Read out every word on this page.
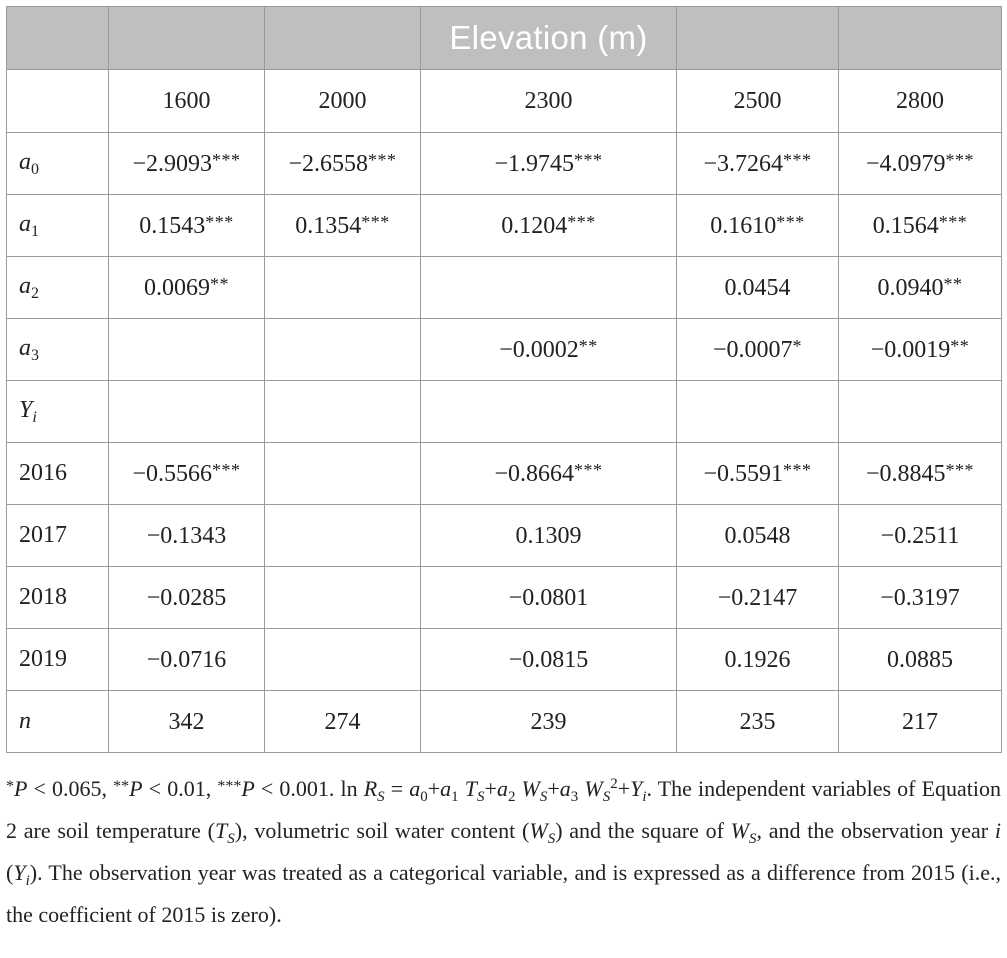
			Elevation (m)		
	1600	2000	2300	2500	2800
$a_0$	−2.9093***	−2.6558***	−1.9745***	−3.7264***	−4.0979***
$a_1$	0.1543***	0.1354***	0.1204***	0.1610***	0.1564***
$a_2$	0.0069**			0.0454	0.0940**
$a_3$			−0.0002**	−0.0007*	−0.0019**
$Y_i$					
2016	−0.5566***		−0.8664***	−0.5591***	−0.8845***
2017	−0.1343		0.1309	0.0548	−0.2511
2018	−0.0285		−0.0801	−0.2147	−0.3197
2019	−0.0716		−0.0815	0.1926	0.0885
n	342	274	239	235	217

*P < 0.065, **P < 0.01, ***P < 0.001. $\ln R_S = a_0+a_1$ $T_S+a_2$ $W_S+a_3$ $W_S^2+Y_i$. The independent variables of Equation 2 are soil temperature $(T_S)$, volumetric soil water content $(W_S)$ and the square of $W_S$, and the observation year i $(Y_i)$. The observation year was treated as a categorical variable, and is expressed as a difference from 2015 (i.e., the coefficient of 2015 is zero).
